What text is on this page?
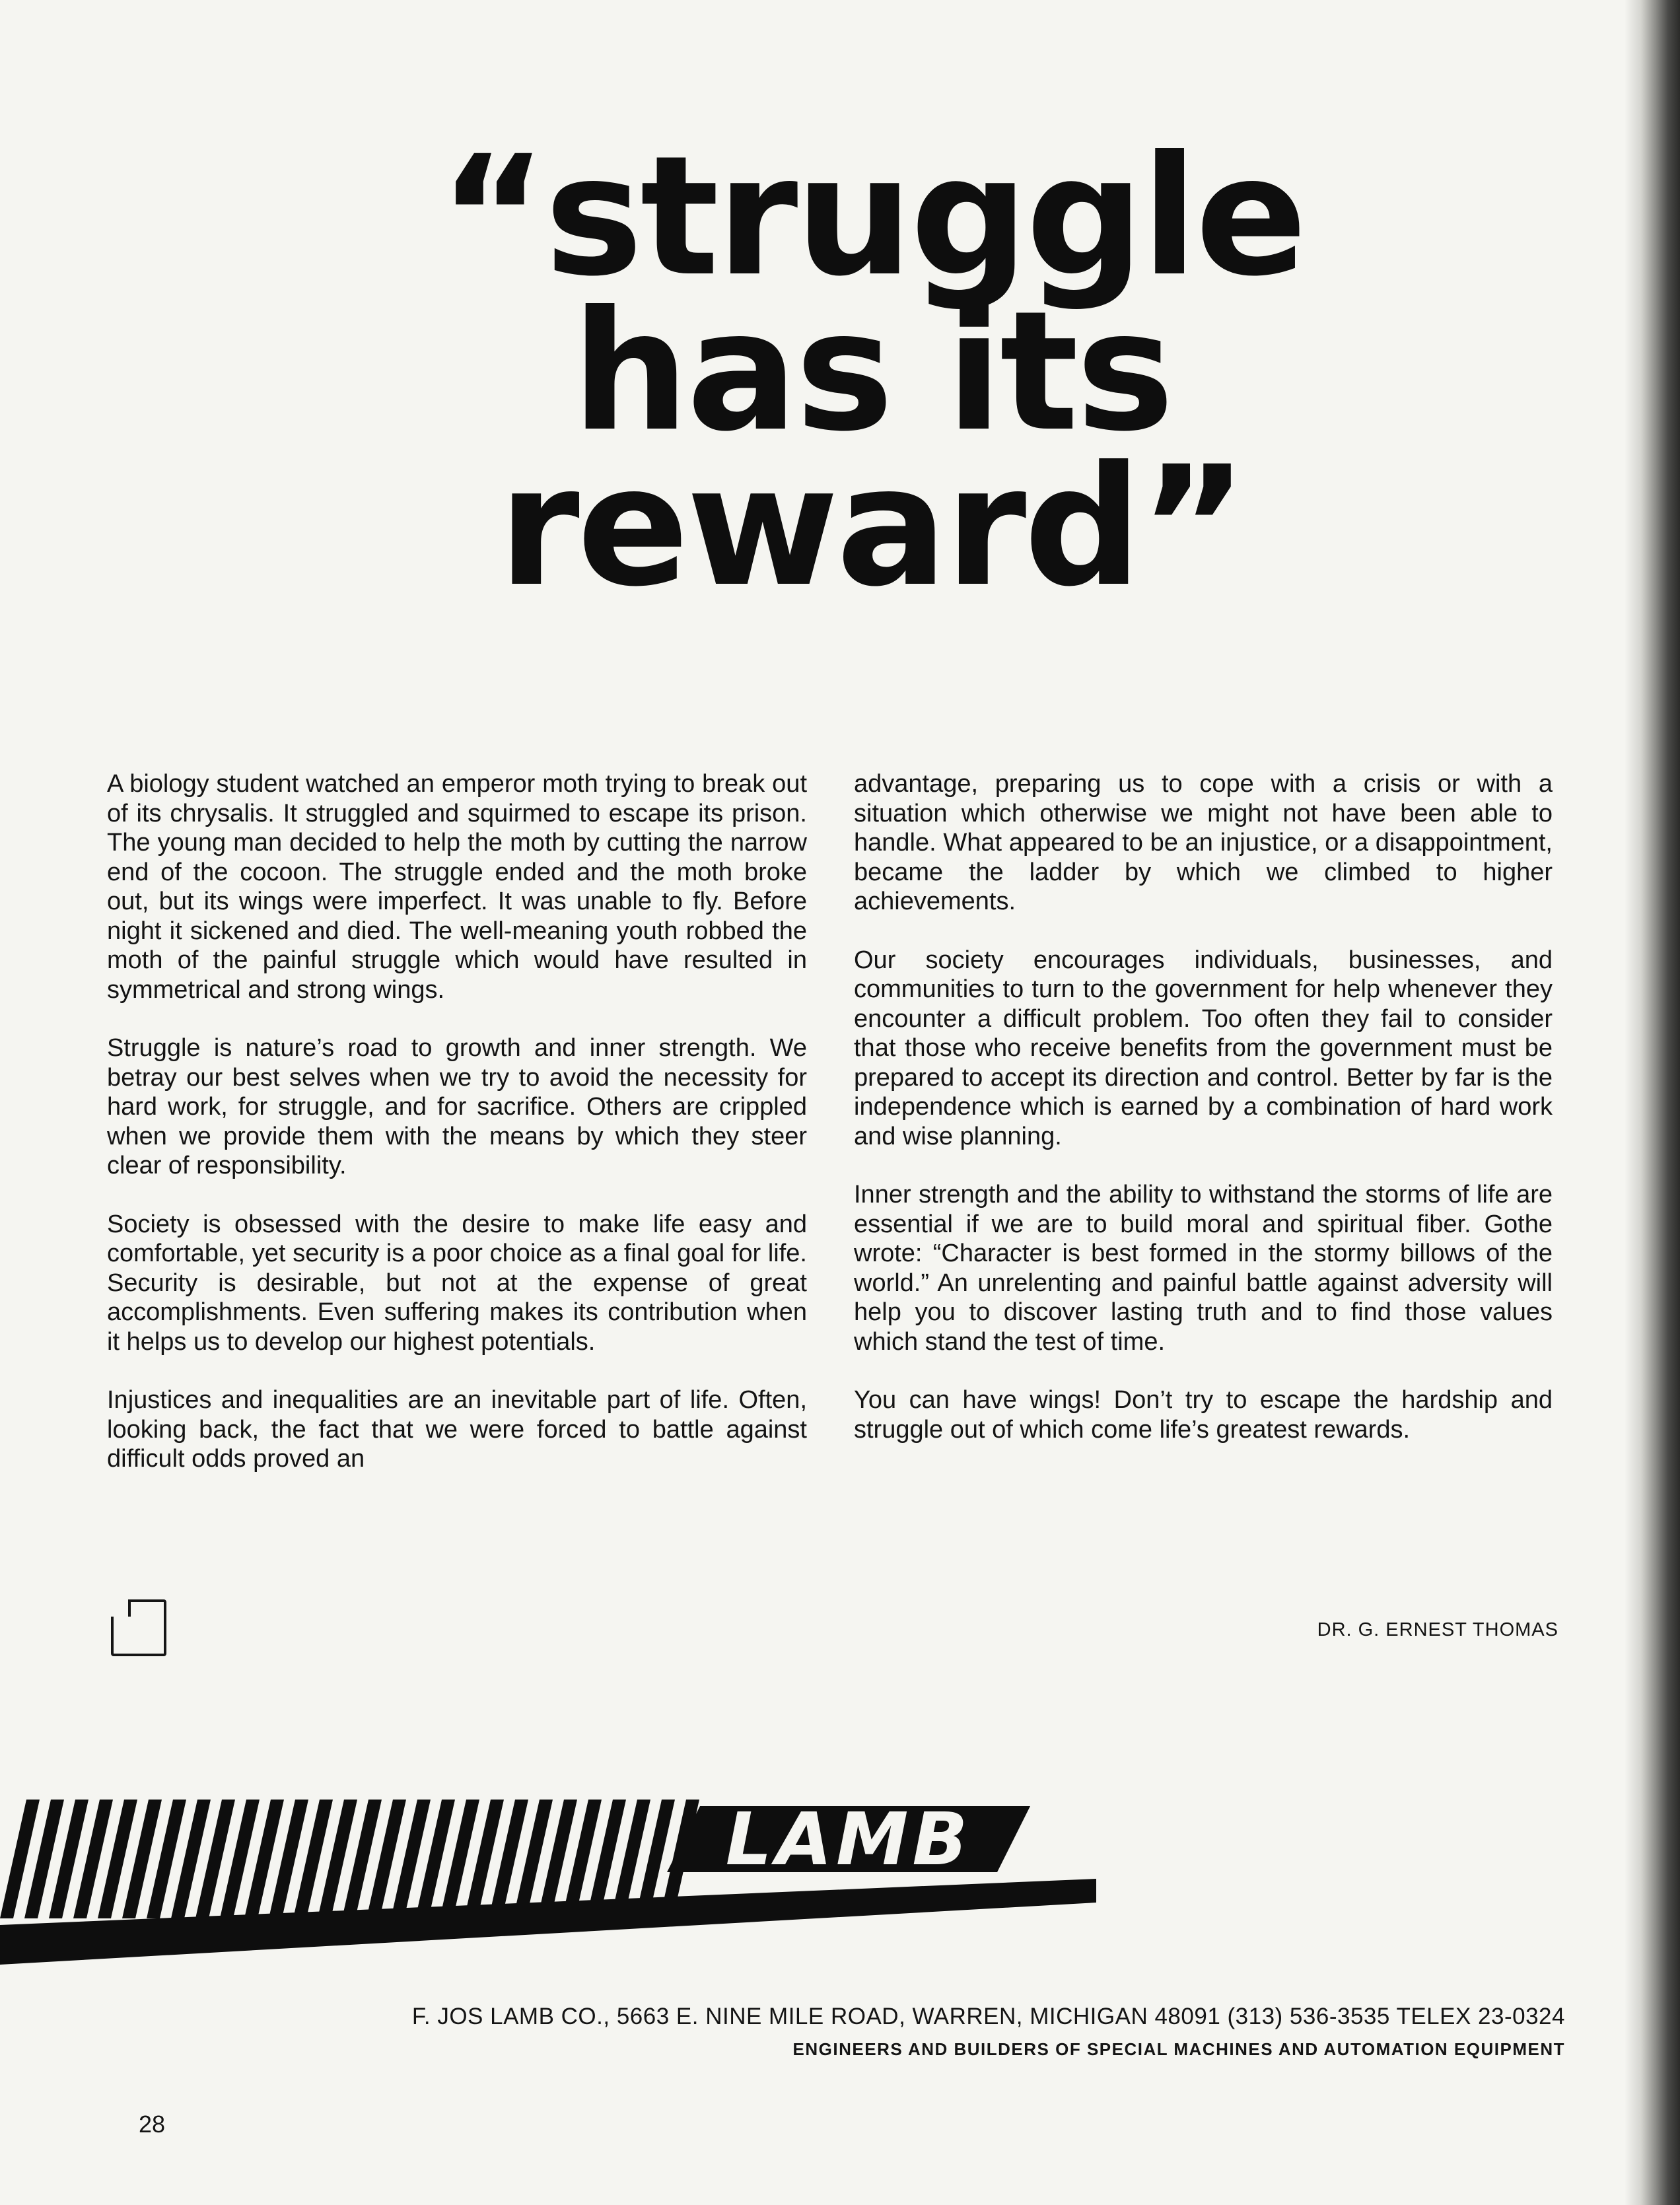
“struggle
has its
reward”

A biology student watched an emperor moth trying to break out of its chrysalis. It struggled and squirmed to escape its prison. The young man decided to help the moth by cutting the narrow end of the cocoon. The struggle ended and the moth broke out, but its wings were imperfect. It was unable to fly. Before night it sickened and died. The well-meaning youth robbed the moth of the painful struggle which would have resulted in symmetrical and strong wings.

Struggle is nature’s road to growth and inner strength. We betray our best selves when we try to avoid the necessity for hard work, for struggle, and for sacrifice. Others are crippled when we provide them with the means by which they steer clear of responsibility.

Society is obsessed with the desire to make life easy and comfortable, yet security is a poor choice as a final goal for life. Security is desirable, but not at the expense of great accomplishments. Even suffering makes its contribution when it helps us to develop our highest potentials.

Injustices and inequalities are an inevitable part of life. Often, looking back, the fact that we were forced to battle against difficult odds proved an

advantage, preparing us to cope with a crisis or with a situation which otherwise we might not have been able to handle. What appeared to be an injustice, or a disappointment, became the ladder by which we climbed to higher achievements.

Our society encourages individuals, businesses, and communities to turn to the government for help whenever they encounter a difficult problem. Too often they fail to consider that those who receive benefits from the government must be prepared to accept its direction and control. Better by far is the independence which is earned by a combination of hard work and wise planning.

Inner strength and the ability to withstand the storms of life are essential if we are to build moral and spiritual fiber. Gothe wrote: “Character is best formed in the stormy billows of the world.” An unrelenting and painful battle against adversity will help you to discover lasting truth and to find those values which stand the test of time.

You can have wings! Don’t try to escape the hardship and struggle out of which come life’s greatest rewards.

DR. G. ERNEST THOMAS
LAMB
F. JOS LAMB CO., 5663 E. NINE MILE ROAD, WARREN, MICHIGAN 48091 (313) 536-3535 TELEX 23-0324
ENGINEERS AND BUILDERS OF SPECIAL MACHINES AND AUTOMATION EQUIPMENT
28
